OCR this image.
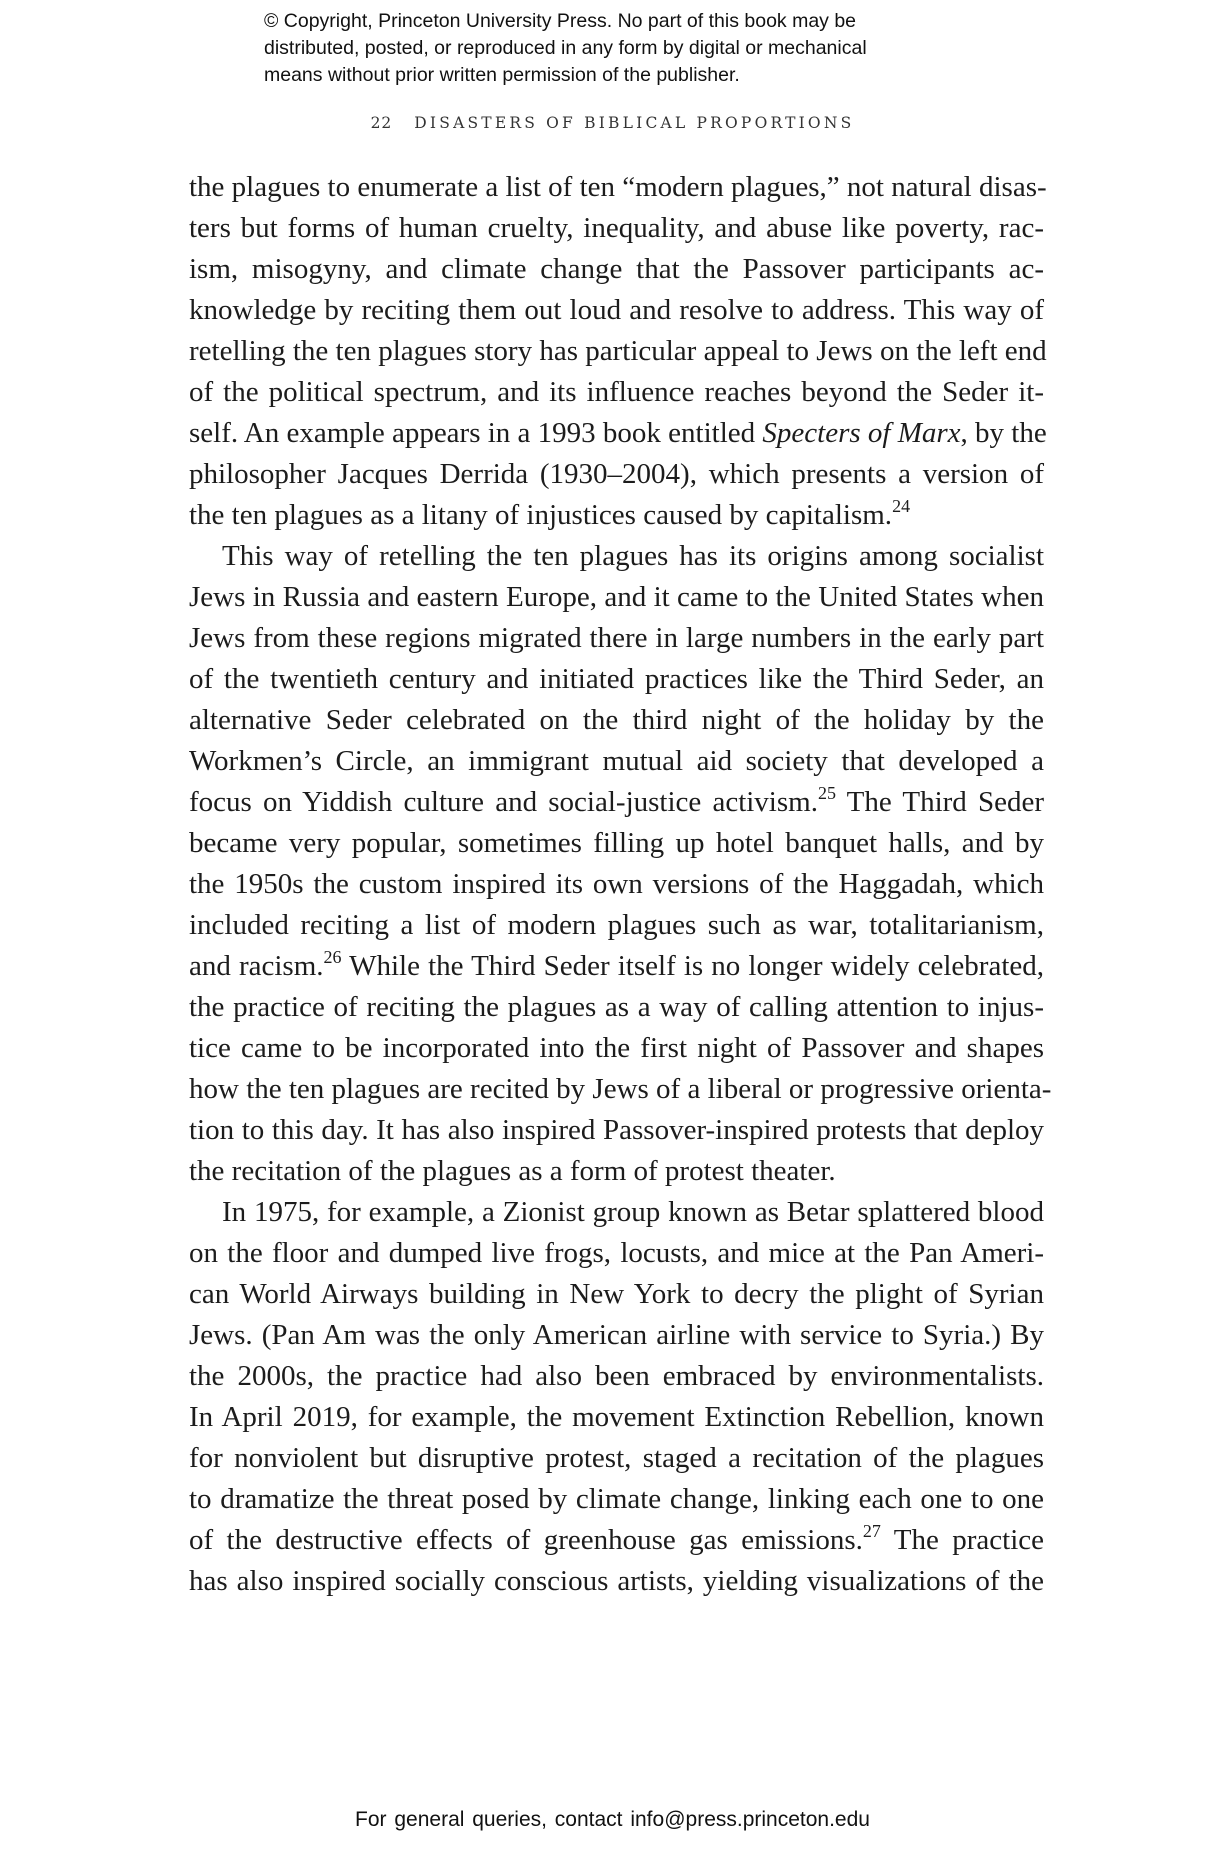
© Copyright, Princeton University Press. No part of this book may be
distributed, posted, or reproduced in any form by digital or mechanical
means without prior written permission of the publisher.
22 DISASTERS OF BIBLICAL PROPORTIONS
the plagues to enumerate a list of ten “modern plagues,” not natural disas-
ters but forms of human cruelty, inequality, and abuse like poverty, rac-
ism, misogyny, and climate change that the Passover participants ac-
knowledge by reciting them out loud and resolve to address. This way of
retelling the ten plagues story has particular appeal to Jews on the left end
of the political spectrum, and its influence reaches beyond the Seder it-
self. An example appears in a 1993 book entitled Specters of Marx, by the
philosopher Jacques Derrida (1930–2004), which presents a version of
the ten plagues as a litany of injustices caused by capitalism.$^{24}$
This way of retelling the ten plagues has its origins among socialist
Jews in Russia and eastern Europe, and it came to the United States when
Jews from these regions migrated there in large numbers in the early part
of the twentieth century and initiated practices like the Third Seder, an
alternative Seder celebrated on the third night of the holiday by the
Workmen’s Circle, an immigrant mutual aid society that developed a
focus on Yiddish culture and social-justice activism.$^{25}$ The Third Seder
became very popular, sometimes filling up hotel banquet halls, and by
the 1950s the custom inspired its own versions of the Haggadah, which
included reciting a list of modern plagues such as war, totalitarianism,
and racism.$^{26}$ While the Third Seder itself is no longer widely celebrated,
the practice of reciting the plagues as a way of calling attention to injus-
tice came to be incorporated into the first night of Passover and shapes
how the ten plagues are recited by Jews of a liberal or progressive orienta-
tion to this day. It has also inspired Passover-inspired protests that deploy
the recitation of the plagues as a form of protest theater.
In 1975, for example, a Zionist group known as Betar splattered blood
on the floor and dumped live frogs, locusts, and mice at the Pan Ameri-
can World Airways building in New York to decry the plight of Syrian
Jews. (Pan Am was the only American airline with service to Syria.) By
the 2000s, the practice had also been embraced by environmentalists.
In April 2019, for example, the movement Extinction Rebellion, known
for nonviolent but disruptive protest, staged a recitation of the plagues
to dramatize the threat posed by climate change, linking each one to one
of the destructive effects of greenhouse gas emissions.$^{27}$ The practice
has also inspired socially conscious artists, yielding visualizations of the
For general queries, contact info@press.princeton.edu
